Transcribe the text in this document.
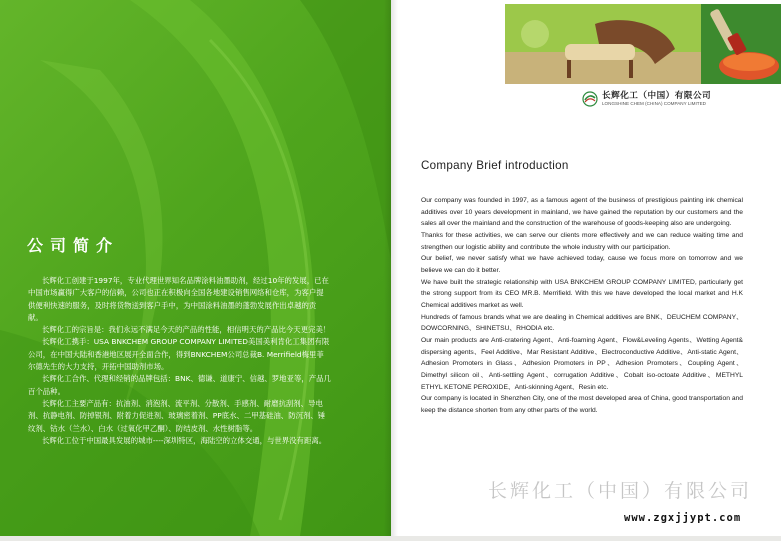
公司简介

长辉化工创建于1997年，专业代理世界知名品牌涂料油墨助剂，经过10年的发展，已在中国市场赢得广大客户的信赖，公司也正在积极向全国各地建设销售网络和仓库，为客户提供便利快速的服务，及时将货物送到客户手中，为中国涂料油墨的蓬勃发展作出卓越的贡献。

长辉化工的宗旨是：我们永远不满足今天的产品的性能，相信明天的产品比今天更完美！

长辉化工携手：USA BNKCHEM GROUP COMPANY LIMITED美国美利肯化工集团有限公司，在中国大陆和香港地区展开全面合作，得到BNKCHEM公司总裁B. Merrifield梅里菲尔德先生的大力支持，开拓中国助剂市场。

长辉化工合作、代理和经销的品牌包括：BNK、德谦、道康宁、信越、罗地亚等，产品几百个品种。

长辉化工主要产品有：抗油剂、消泡剂、流平剂、分散剂、手感剂、耐磨抗刮剂、导电剂、抗静电剂、防掉银剂、附着力促进剂、玻璃密着剂、PP底水、二甲基硅油、防沉剂、锤纹剂、钴水（兰水）、白水（过氧化甲乙酮）、防结皮剂、水性树脂等。

长辉化工位于中国最具发展的城市----深圳特区，海陆空的立体交通，与世界没有距离。

长辉化工（中国）有限公司
LONGSHINE CHEM (CHINA) COMPANY LIMITED
Company Brief introduction

Our company was founded in 1997, as a famous agent of the business of prestigious painting ink chemical additives over 10 years development in mainland, we have gained the reputation by our customers and the sales all over the mainland and the construction of the warehouse of goods-keeping also are undergoing.

Thanks for these activities, we can serve our clients more effectively and we can reduce waiting time and strengthen our logistic ability and contribute the whole industry with our participation.

Our belief, we never satisfy what we have achieved today, cause we focus more on tomorrow and we believe we can do it better.

We have built the strategic relationship with USA BNKCHEM GROUP COMPANY LIMITED, particularly get the strong support from its CEO MR.B. Merrifield. With this we have developed the local market and H.K Chemical additives market as well.

Hundreds of famous brands what we are dealing in Chemical additives are BNK、DEUCHEM COMPANY、DOWCORNING、SHINETSU、RHODIA etc.

Our main products are Anti-cratering Agent、Anti-foaming Agent、Flow&Leveling Agents、Wetting Agent& dispersing agents、Feel Additive、Mar Resistant Additive、Electroconductive Additive、Anti-static Agent、Adhesion Promoters in Glass、Adhesion Promoters in PP、Adhesion Promoters、Coupling Agent、Dimethyl silicon oil、Anti-settling Agent、corrugation Additive、Cobalt iso-octoate Additive、METHYL ETHYL KETONE PEROXIDE、Anti-skinning Agent、Resin etc.

Our company is located in Shenzhen City, one of the most developed area of China, good transportation and keep the distance shorten from any other parts of the world.

长辉化工（中国）有限公司
www.zgxjjypt.com
